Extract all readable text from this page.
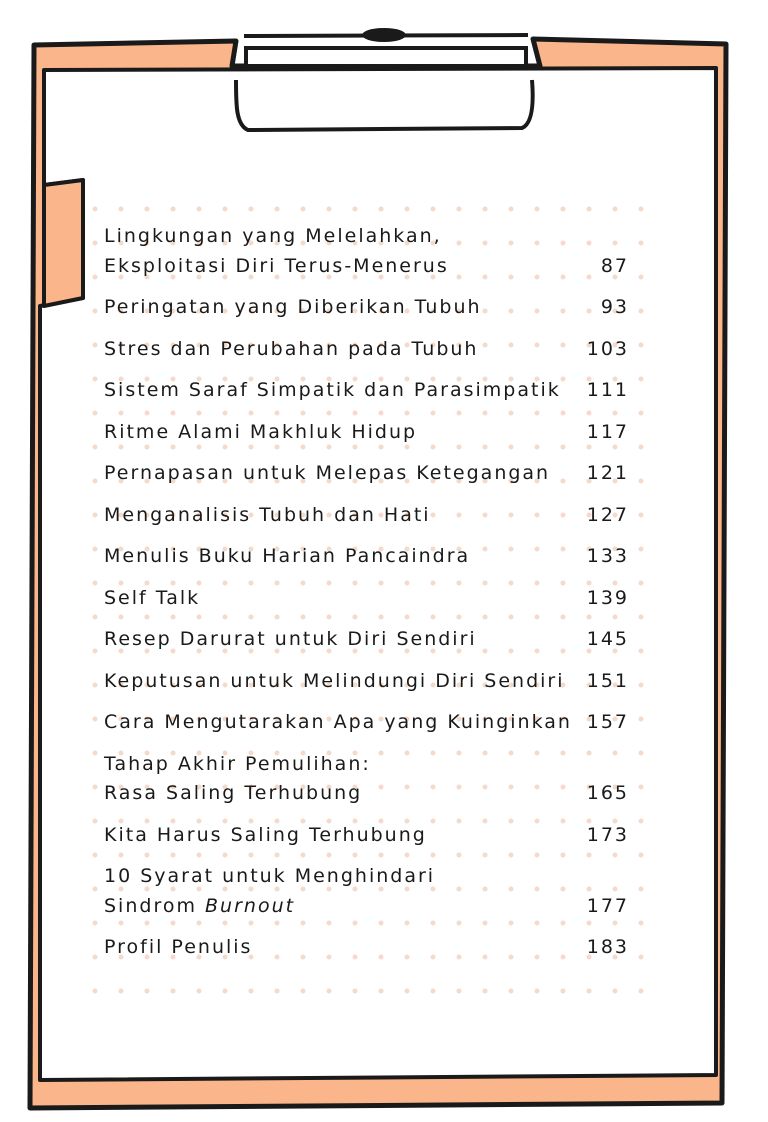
Lingkungan yang Melelahkan,
Eksploitasi Diri Terus-Menerus	87
Peringatan yang Diberikan Tubuh	93
Stres dan Perubahan pada Tubuh	103
Sistem Saraf Simpatik dan Parasimpatik 111
Ritme Alami Makhluk Hidup	117
Pernapasan untuk Melepas Ketegangan 121
Menganalisis Tubuh dan Hati	127
Menulis Buku Harian Pancaindra	133
Self Talk	139
Resep Darurat untuk Diri Sendiri	145
Keputusan untuk Melindungi Diri Sendiri 151
Cara Mengutarakan Apa yang Kuinginkan 157
Tahap Akhir Pemulihan:
Rasa Saling Terhubung	165
Kita Harus Saling Terhubung	173
10 Syarat untuk Menghindari
Sindrom Burnout	177
Profil Penulis	183
